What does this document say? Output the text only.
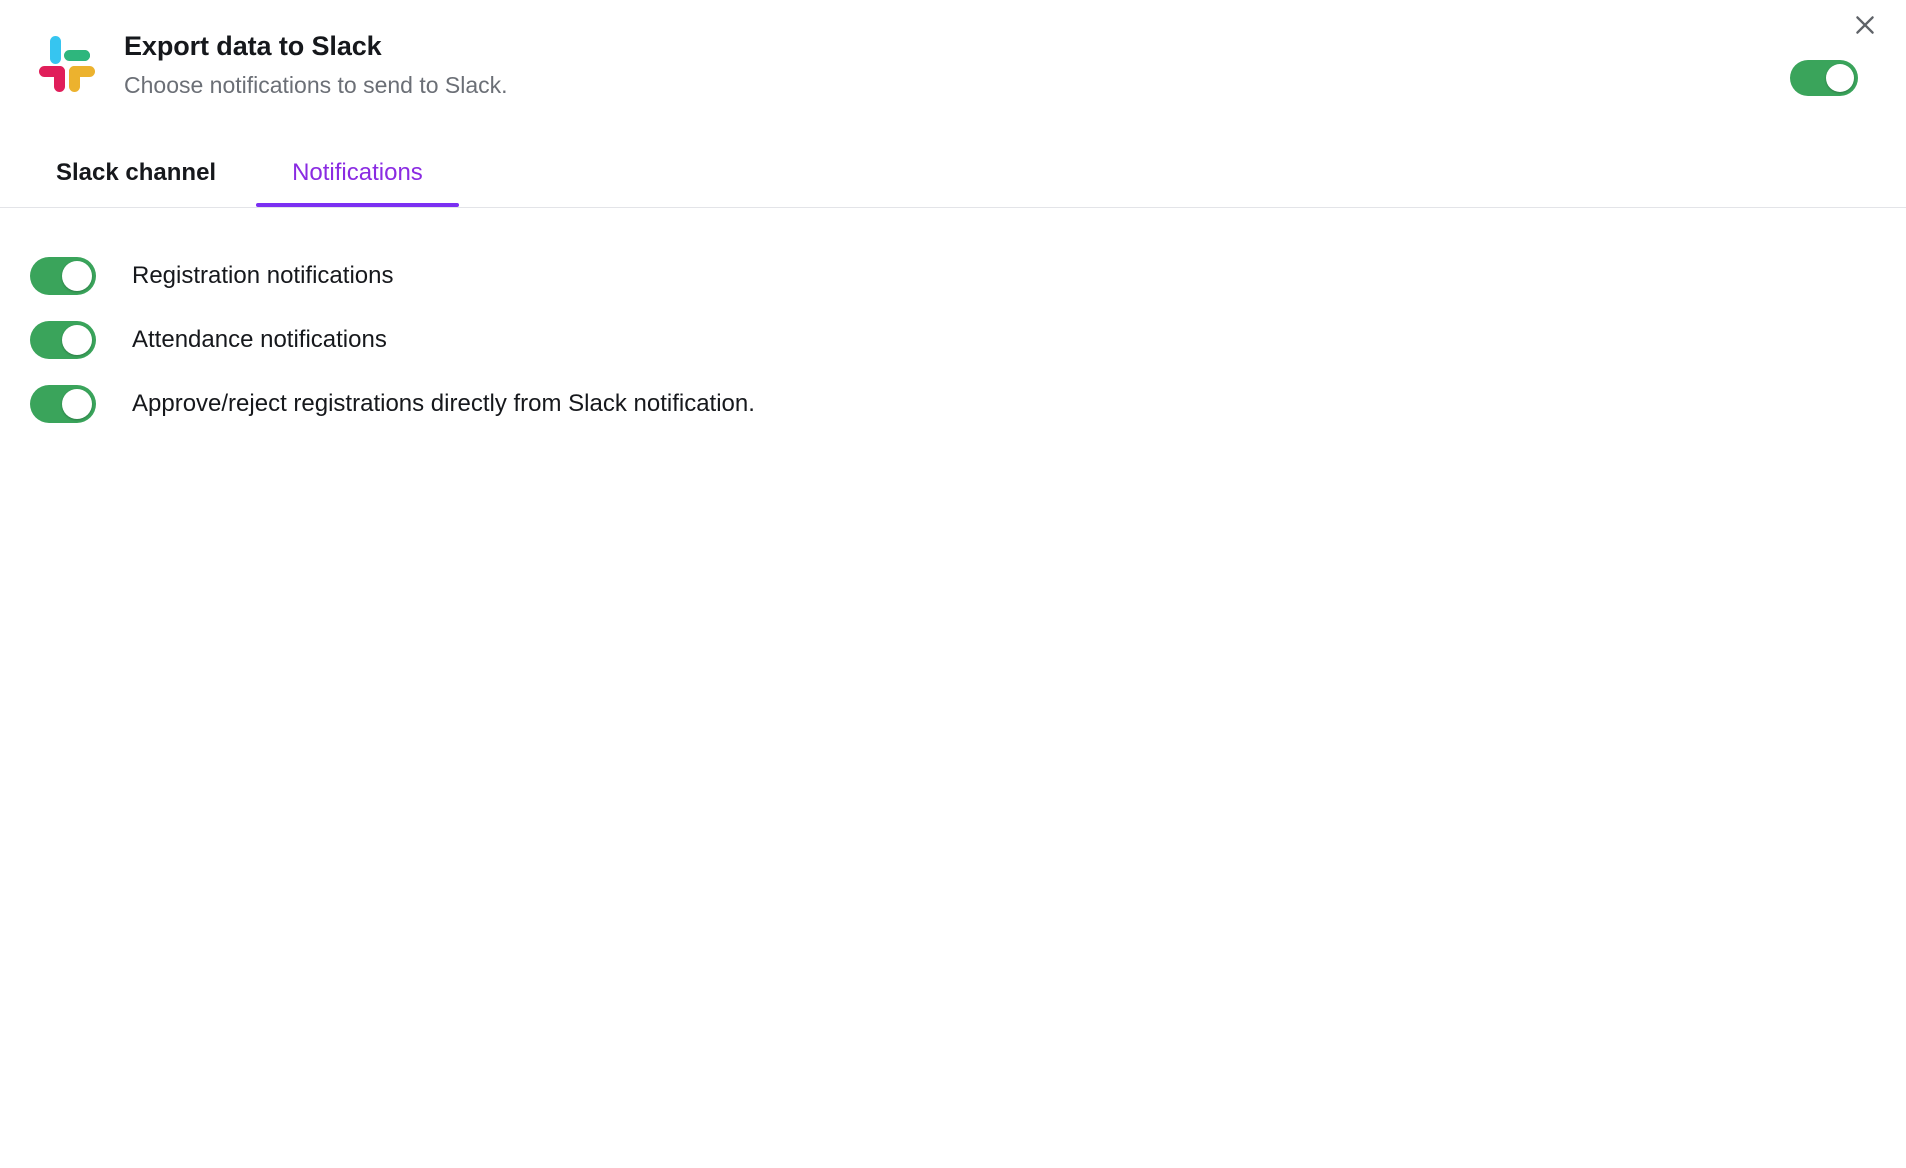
Export data to Slack
Choose notifications to send to Slack.
Slack channel	Notifications
Registration notifications
Attendance notifications
Approve/reject registrations directly from Slack notification.
